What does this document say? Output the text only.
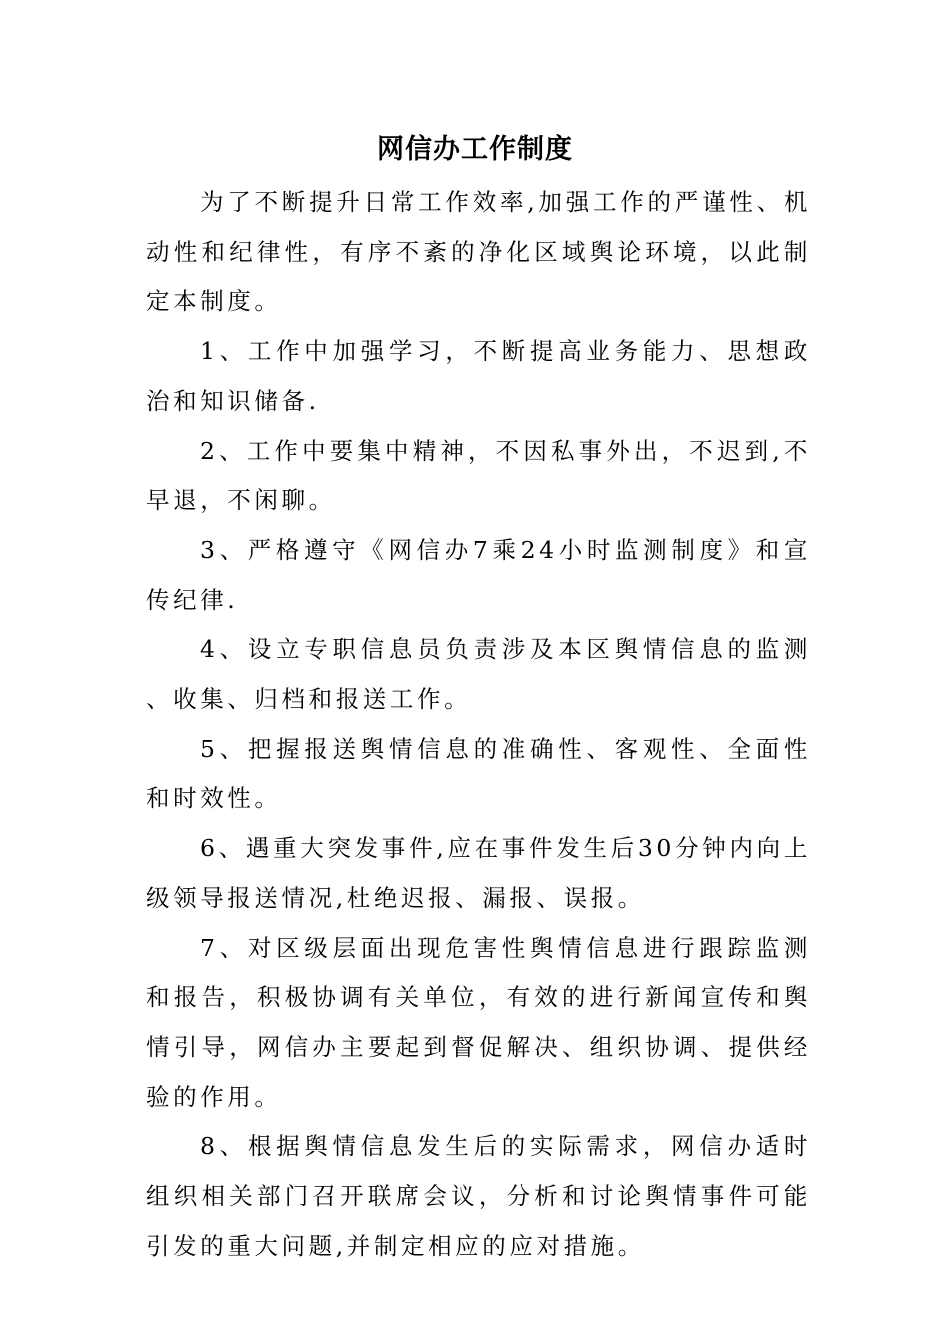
网信办工作制度

为了不断提升日常工作效率,加强工作的严谨性、机动性和纪律性，有序不紊的净化区域舆论环境，以此制定本制度。

1、工作中加强学习，不断提高业务能力、思想政治和知识储备.

2、工作中要集中精神，不因私事外出，不迟到,不早退，不闲聊。

3、严格遵守《网信办7乘24小时监测制度》和宣传纪律.

4、设立专职信息员负责涉及本区舆情信息的监测、收集、归档和报送工作。

5、把握报送舆情信息的准确性、客观性、全面性和时效性。

6、遇重大突发事件,应在事件发生后30分钟内向上级领导报送情况,杜绝迟报、漏报、误报。

7、对区级层面出现危害性舆情信息进行跟踪监测和报告，积极协调有关单位，有效的进行新闻宣传和舆情引导，网信办主要起到督促解决、组织协调、提供经验的作用。

8、根据舆情信息发生后的实际需求，网信办适时组织相关部门召开联席会议，分析和讨论舆情事件可能引发的重大问题,并制定相应的应对措施。
